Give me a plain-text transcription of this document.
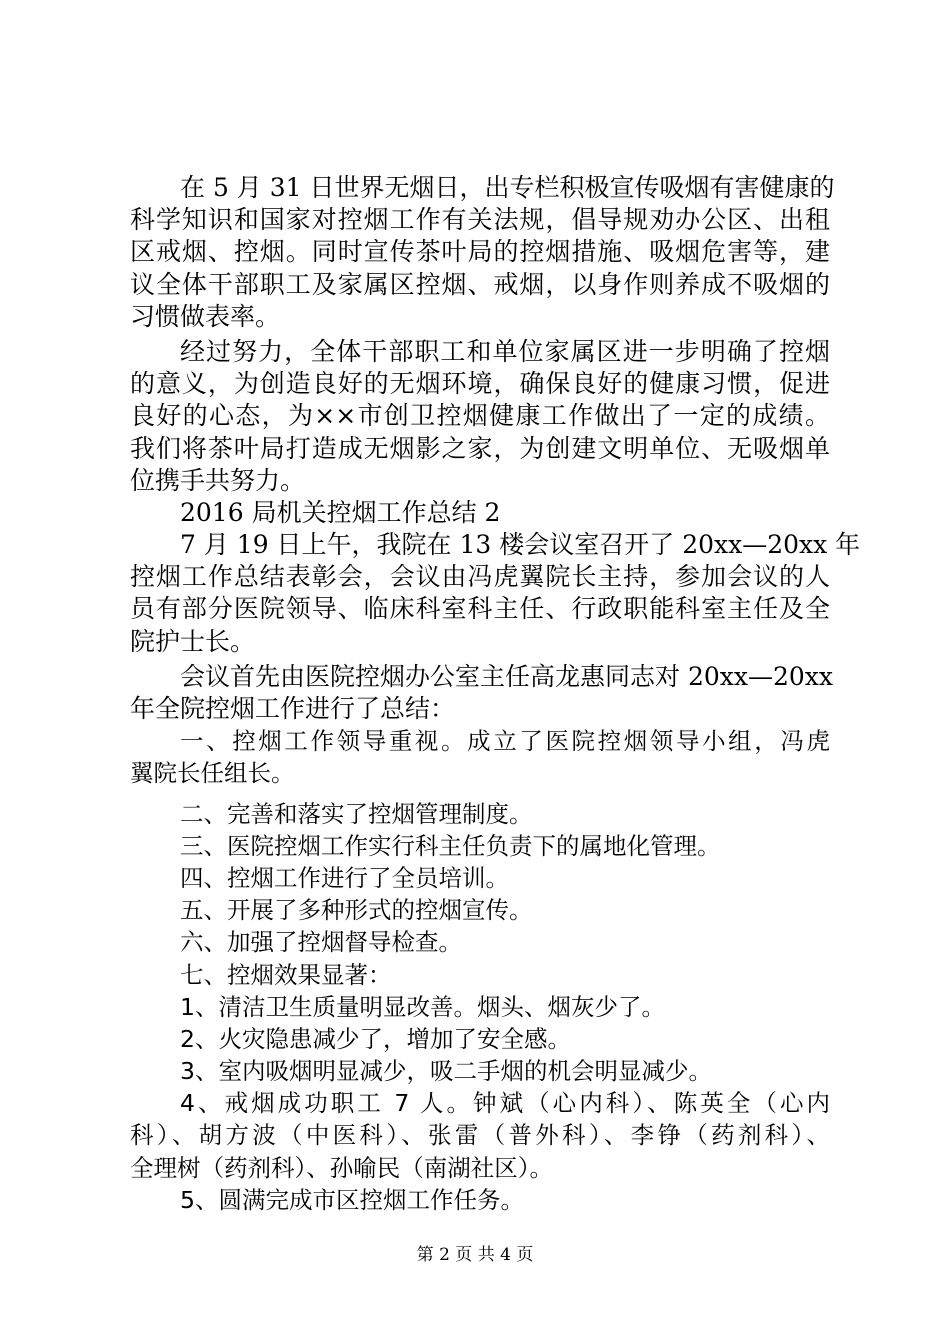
在 5 月 31 日世界无烟日，出专栏积极宣传吸烟有害健康的
科学知识和国家对控烟工作有关法规，倡导规劝办公区、出租
区戒烟、控烟。同时宣传茶叶局的控烟措施、吸烟危害等，建
议全体干部职工及家属区控烟、戒烟，以身作则养成不吸烟的
习惯做表率。
经过努力，全体干部职工和单位家属区进一步明确了控烟
的意义，为创造良好的无烟环境，确保良好的健康习惯，促进
良好的心态，为××市创卫控烟健康工作做出了一定的成绩。
我们将茶叶局打造成无烟影之家，为创建文明单位、无吸烟单
位携手共努力。
2016 局机关控烟工作总结 2
7 月 19 日上午，我院在 13 楼会议室召开了 20xx—20xx 年
控烟工作总结表彰会，会议由冯虎翼院长主持，参加会议的人
员有部分医院领导、临床科室科主任、行政职能科室主任及全
院护士长。
会议首先由医院控烟办公室主任高龙惠同志对 20xx—20xx
年全院控烟工作进行了总结：
一、控烟工作领导重视。成立了医院控烟领导小组，冯虎
翼院长任组长。
二、完善和落实了控烟管理制度。
三、医院控烟工作实行科主任负责下的属地化管理。
四、控烟工作进行了全员培训。
五、开展了多种形式的控烟宣传。
六、加强了控烟督导检查。
七、控烟效果显著：
1、清洁卫生质量明显改善。烟头、烟灰少了。
2、火灾隐患减少了，增加了安全感。
3、室内吸烟明显减少，吸二手烟的机会明显减少。
4、戒烟成功职工 7 人。钟斌（心内科）、陈英全（心内
科）、胡方波（中医科）、张雷（普外科）、李铮（药剂科）、
全理树（药剂科）、孙喻民（南湖社区）。
5、圆满完成市区控烟工作任务。
第 2 页 共 4 页
